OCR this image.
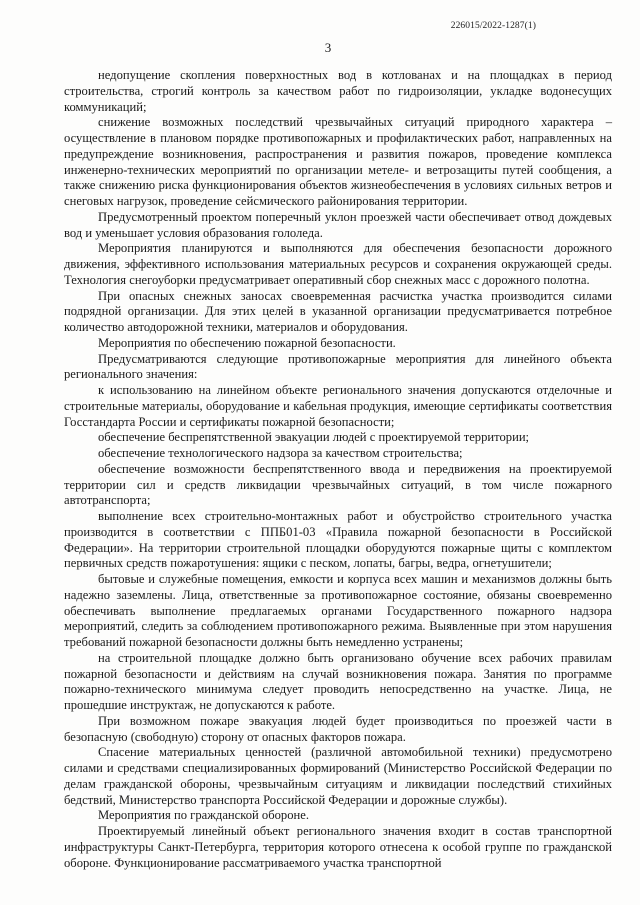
226015/2022-1287(1)
3

недопущение скопления поверхностных вод в котлованах и на площадках в период строительства, строгий контроль за качеством работ по гидроизоляции, укладке водонесущих коммуникаций;

снижение возможных последствий чрезвычайных ситуаций природного характера – осуществление в плановом порядке противопожарных и профилактических работ, направленных на предупреждение возникновения, распространения и развития пожаров, проведение комплекса инженерно-технических мероприятий по организации метеле- и ветрозащиты путей сообщения, а также снижению риска функционирования объектов жизнеобеспечения в условиях сильных ветров и снеговых нагрузок, проведение сейсмического районирования территории.

Предусмотренный проектом поперечный уклон проезжей части обеспечивает отвод дождевых вод и уменьшает условия образования гололеда.

Мероприятия планируются и выполняются для обеспечения безопасности дорожного движения, эффективного использования материальных ресурсов и сохранения окружающей среды. Технология снегоуборки предусматривает оперативный сбор снежных масс с дорожного полотна.

При опасных снежных заносах своевременная расчистка участка производится силами подрядной организации. Для этих целей в указанной организации предусматривается потребное количество автодорожной техники, материалов и оборудования.

Мероприятия по обеспечению пожарной безопасности.

Предусматриваются следующие противопожарные мероприятия для линейного объекта регионального значения:

к использованию на линейном объекте регионального значения допускаются отделочные и строительные материалы, оборудование и кабельная продукция, имеющие сертификаты соответствия Госстандарта России и сертификаты пожарной безопасности;

обеспечение беспрепятственной эвакуации людей с проектируемой территории;

обеспечение технологического надзора за качеством строительства;

обеспечение возможности беспрепятственного ввода и передвижения на проектируемой территории сил и средств ликвидации чрезвычайных ситуаций, в том числе пожарного автотранспорта;

выполнение всех строительно-монтажных работ и обустройство строительного участка производится в соответствии с ППБ01-03 «Правила пожарной безопасности в Российской Федерации». На территории строительной площадки оборудуются пожарные щиты с комплектом первичных средств пожаротушения: ящики с песком, лопаты, багры, ведра, огнетушители;

бытовые и служебные помещения, емкости и корпуса всех машин и механизмов должны быть надежно заземлены. Лица, ответственные за противопожарное состояние, обязаны своевременно обеспечивать выполнение предлагаемых органами Государственного пожарного надзора мероприятий, следить за соблюдением противопожарного режима. Выявленные при этом нарушения требований пожарной безопасности должны быть немедленно устранены;

на строительной площадке должно быть организовано обучение всех рабочих правилам пожарной безопасности и действиям на случай возникновения пожара. Занятия по программе пожарно-технического минимума следует проводить непосредственно на участке. Лица, не прошедшие инструктаж, не допускаются к работе.

При возможном пожаре эвакуация людей будет производиться по проезжей части в безопасную (свободную) сторону от опасных факторов пожара.

Спасение материальных ценностей (различной автомобильной техники) предусмотрено силами и средствами специализированных формирований (Министерство Российской Федерации по делам гражданской обороны, чрезвычайным ситуациям и ликвидации последствий стихийных бедствий, Министерство транспорта Российской Федерации и дорожные службы).

Мероприятия по гражданской обороне.

Проектируемый линейный объект регионального значения входит в состав транспортной инфраструктуры Санкт-Петербурга, территория которого отнесена к особой группе по гражданской обороне. Функционирование рассматриваемого участка транспортной
